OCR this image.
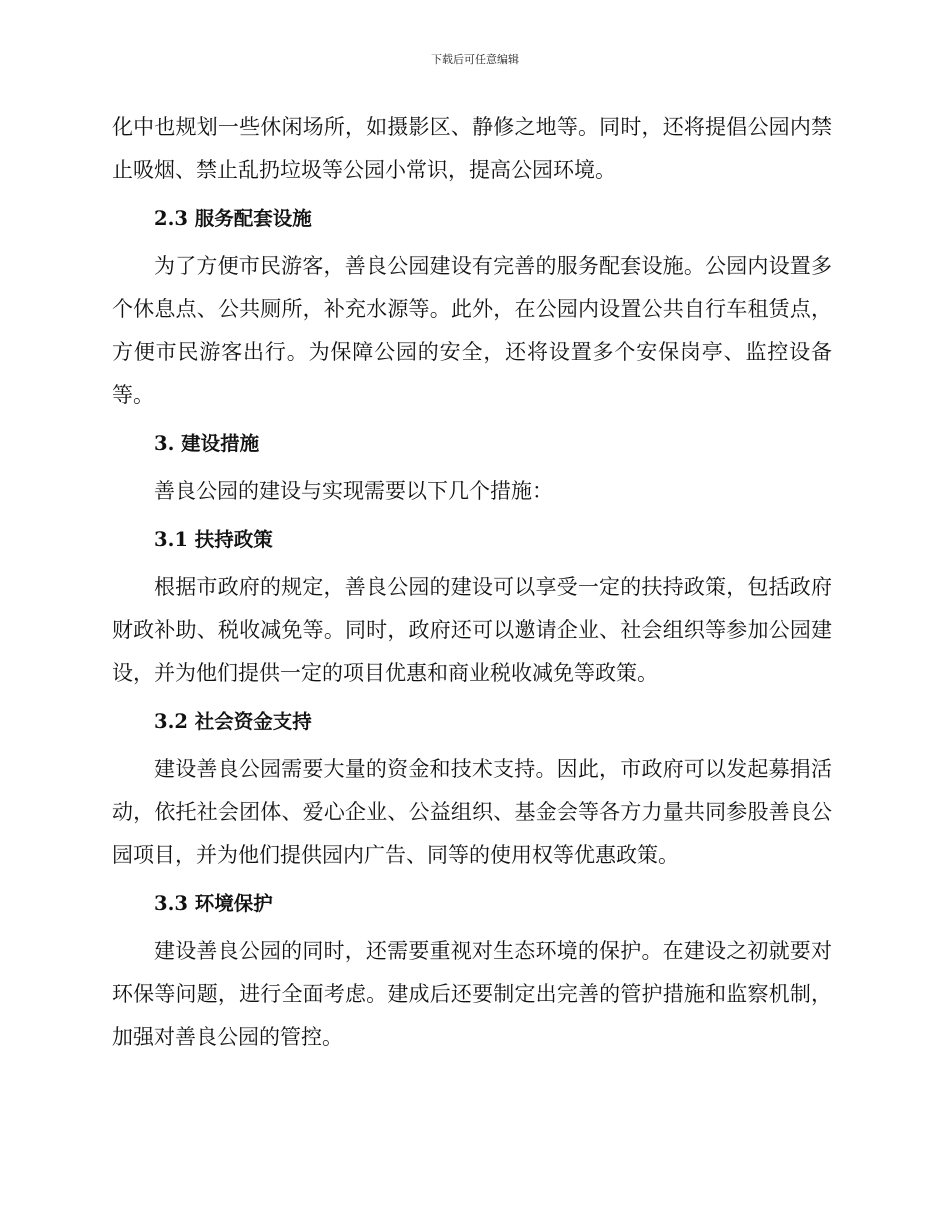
下载后可任意编辑

化中也规划一些休闲场所，如摄影区、静修之地等。同时，还将提倡公园内禁止吸烟、禁止乱扔垃圾等公园小常识，提高公园环境。

2.3 服务配套设施

为了方便市民游客，善良公园建设有完善的服务配套设施。公园内设置多个休息点、公共厕所，补充水源等。此外，在公园内设置公共自行车租赁点，方便市民游客出行。为保障公园的安全，还将设置多个安保岗亭、监控设备等。

3. 建设措施

善良公园的建设与实现需要以下几个措施：

3.1 扶持政策

根据市政府的规定，善良公园的建设可以享受一定的扶持政策，包括政府财政补助、税收减免等。同时，政府还可以邀请企业、社会组织等参加公园建设，并为他们提供一定的项目优惠和商业税收减免等政策。

3.2 社会资金支持

建设善良公园需要大量的资金和技术支持。因此，市政府可以发起募捐活动，依托社会团体、爱心企业、公益组织、基金会等各方力量共同参股善良公园项目，并为他们提供园内广告、同等的使用权等优惠政策。

3.3 环境保护

建设善良公园的同时，还需要重视对生态环境的保护。在建设之初就要对环保等问题，进行全面考虑。建成后还要制定出完善的管护措施和监察机制，加强对善良公园的管控。
